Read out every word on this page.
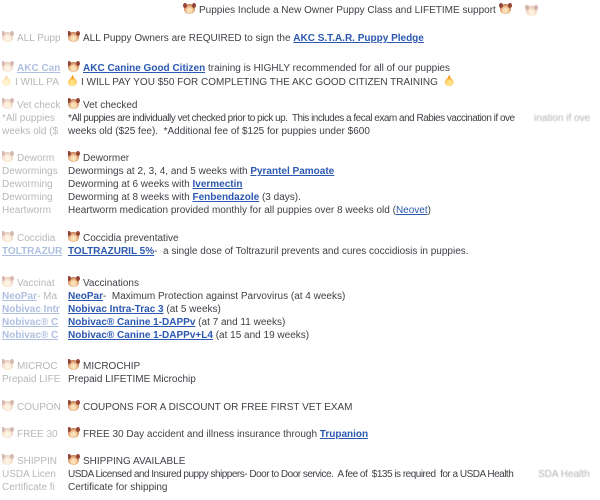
ALL Pupp
AKC Can
I WILL PA
Vet check
*All puppies
weeks old ($
Deworm
Dewormings
Deworming
Deworming
Heartworm
Coccidia
TOLTRAZUR
Vaccinat
NeoPar- Ma
Nobivac Intr
Nobivac® C
Nobivac® C
MICROC
Prepaid LIFE
COUPON
FREE 30
SHIPPIN
USDA Licen
Certificate fi
Puppies Include a New Owner Puppy Class and LIFETIME support
ALL Puppy Owners are REQUIRED to sign the AKC S.T.A.R. Puppy Pledge
AKC Canine Good Citizen training is HIGHLY recommended for all of our puppies
I WILL PAY YOU $50 FOR COMPLETING THE AKC GOOD CITIZEN TRAINING
Vet checked
*All puppies are individually vet checked prior to pick up.  This includes a fecal exam and Rabies vaccination if ove
weeks old ($25 fee).  *Additional fee of $125 for puppies under $600
Dewormer
Dewormings at 2, 3, 4, and 5 weeks with Pyrantel Pamoate
Deworming at 6 weeks with Ivermectin
Deworming at 8 weeks with Fenbendazole (3 days).
Heartworm medication provided monthly for all puppies over 8 weeks old (Neovet)
Coccidia preventative
TOLTRAZURIL 5%-  a single dose of Toltrazuril prevents and cures coccidiosis in puppies.
Vaccinations
NeoPar-  Maximum Protection against Parvovirus (at 4 weeks)
Nobivac Intra-Trac 3 (at 5 weeks)
Nobivac® Canine 1-DAPPv (at 7 and 11 weeks)
Nobivac® Canine 1-DAPPv+L4 (at 15 and 19 weeks)
MICROCHIP
Prepaid LIFETIME Microchip
COUPONS FOR A DISCOUNT OR FREE FIRST VET EXAM
FREE 30 Day accident and illness insurance through Trupanion
SHIPPING AVAILABLE
USDA Licensed and Insured puppy shippers- Door to Door service.  A fee of  $135 is required  for a USDA Health
Certificate for shipping
ination if ove
SDA Health
